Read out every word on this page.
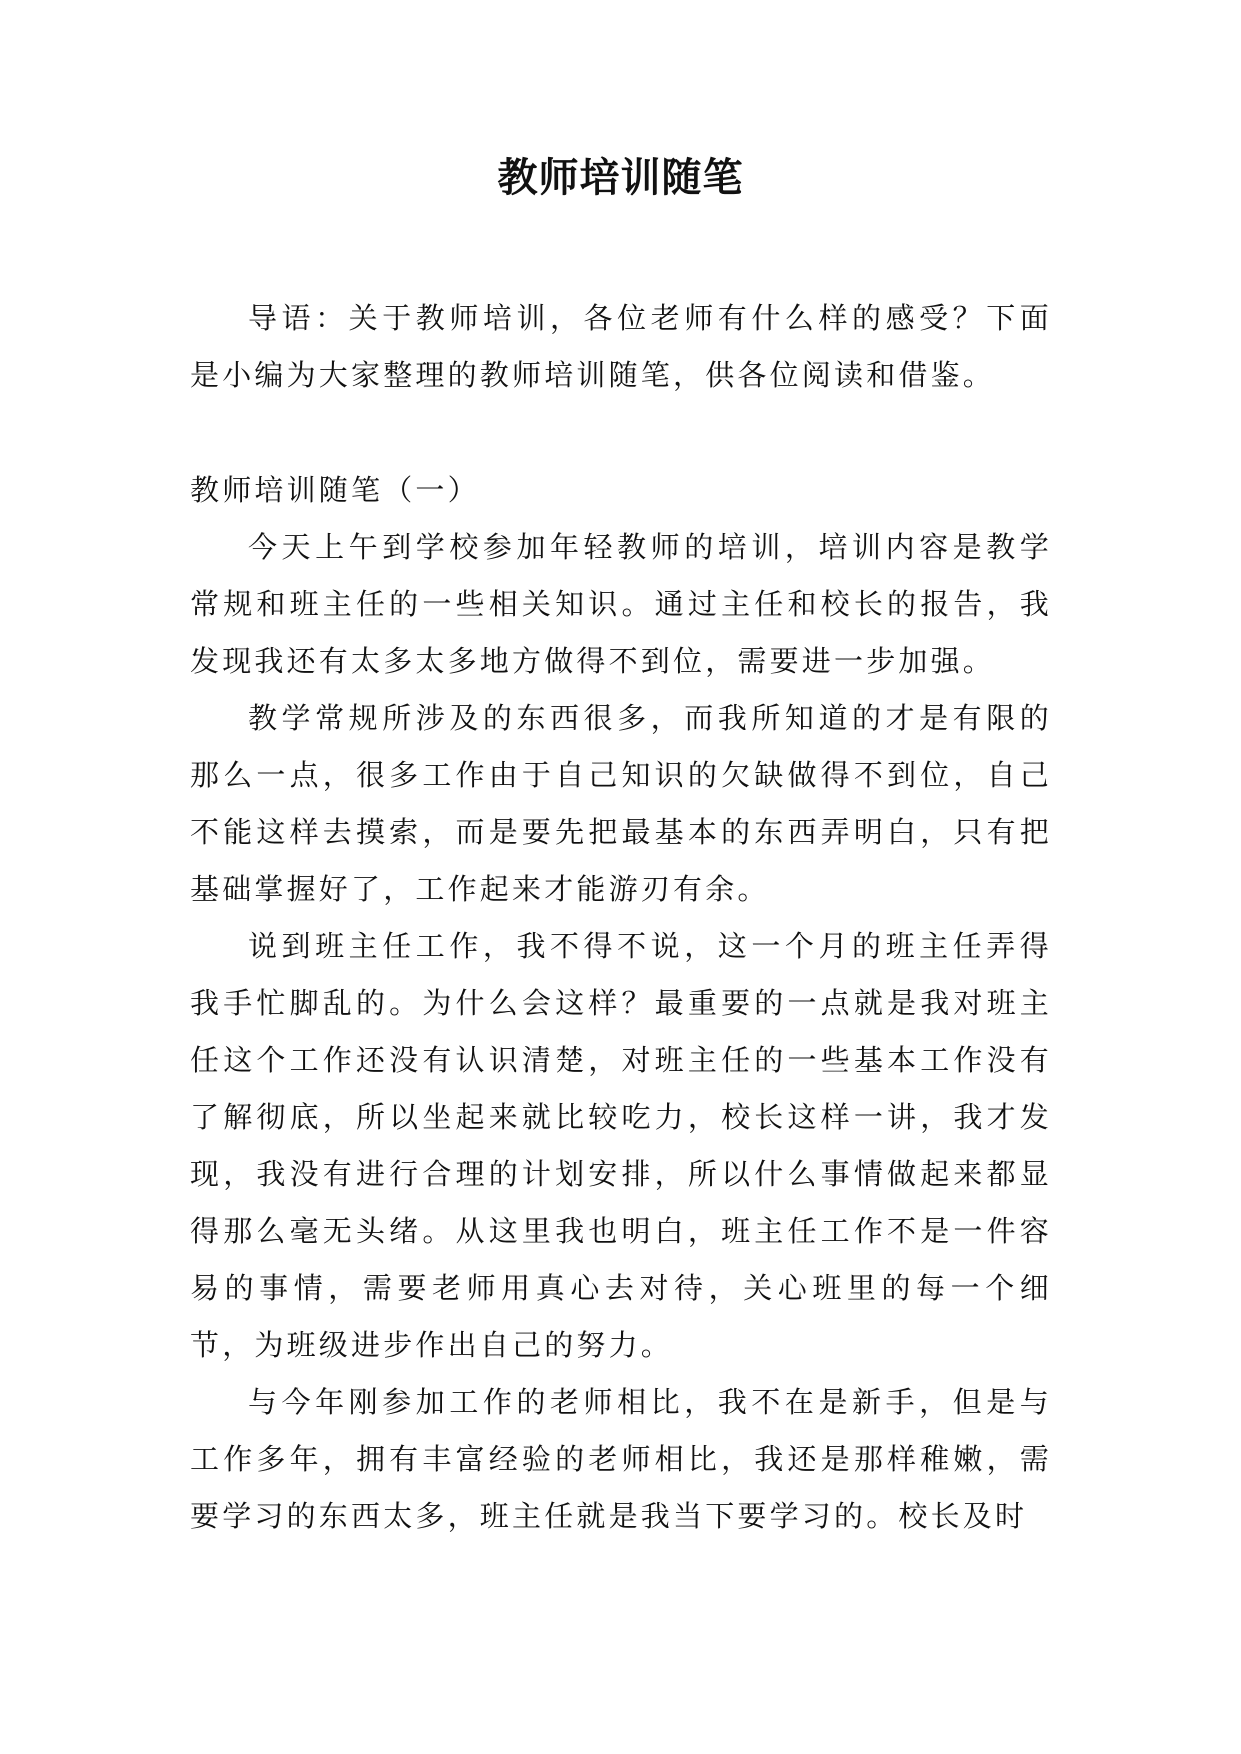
教师培训随笔

导语：关于教师培训，各位老师有什么样的感受？下面是小编为大家整理的教师培训随笔，供各位阅读和借鉴。

教师培训随笔（一）

今天上午到学校参加年轻教师的培训，培训内容是教学常规和班主任的一些相关知识。通过主任和校长的报告，我发现我还有太多太多地方做得不到位，需要进一步加强。

教学常规所涉及的东西很多，而我所知道的才是有限的那么一点，很多工作由于自己知识的欠缺做得不到位，自己不能这样去摸索，而是要先把最基本的东西弄明白，只有把基础掌握好了，工作起来才能游刃有余。

说到班主任工作，我不得不说，这一个月的班主任弄得我手忙脚乱的。为什么会这样？最重要的一点就是我对班主任这个工作还没有认识清楚，对班主任的一些基本工作没有了解彻底，所以坐起来就比较吃力，校长这样一讲，我才发现，我没有进行合理的计划安排，所以什么事情做起来都显得那么毫无头绪。从这里我也明白，班主任工作不是一件容易的事情，需要老师用真心去对待，关心班里的每一个细节，为班级进步作出自己的努力。

与今年刚参加工作的老师相比，我不在是新手，但是与工作多年，拥有丰富经验的老师相比，我还是那样稚嫩，需要学习的东西太多，班主任就是我当下要学习的。校长及时
